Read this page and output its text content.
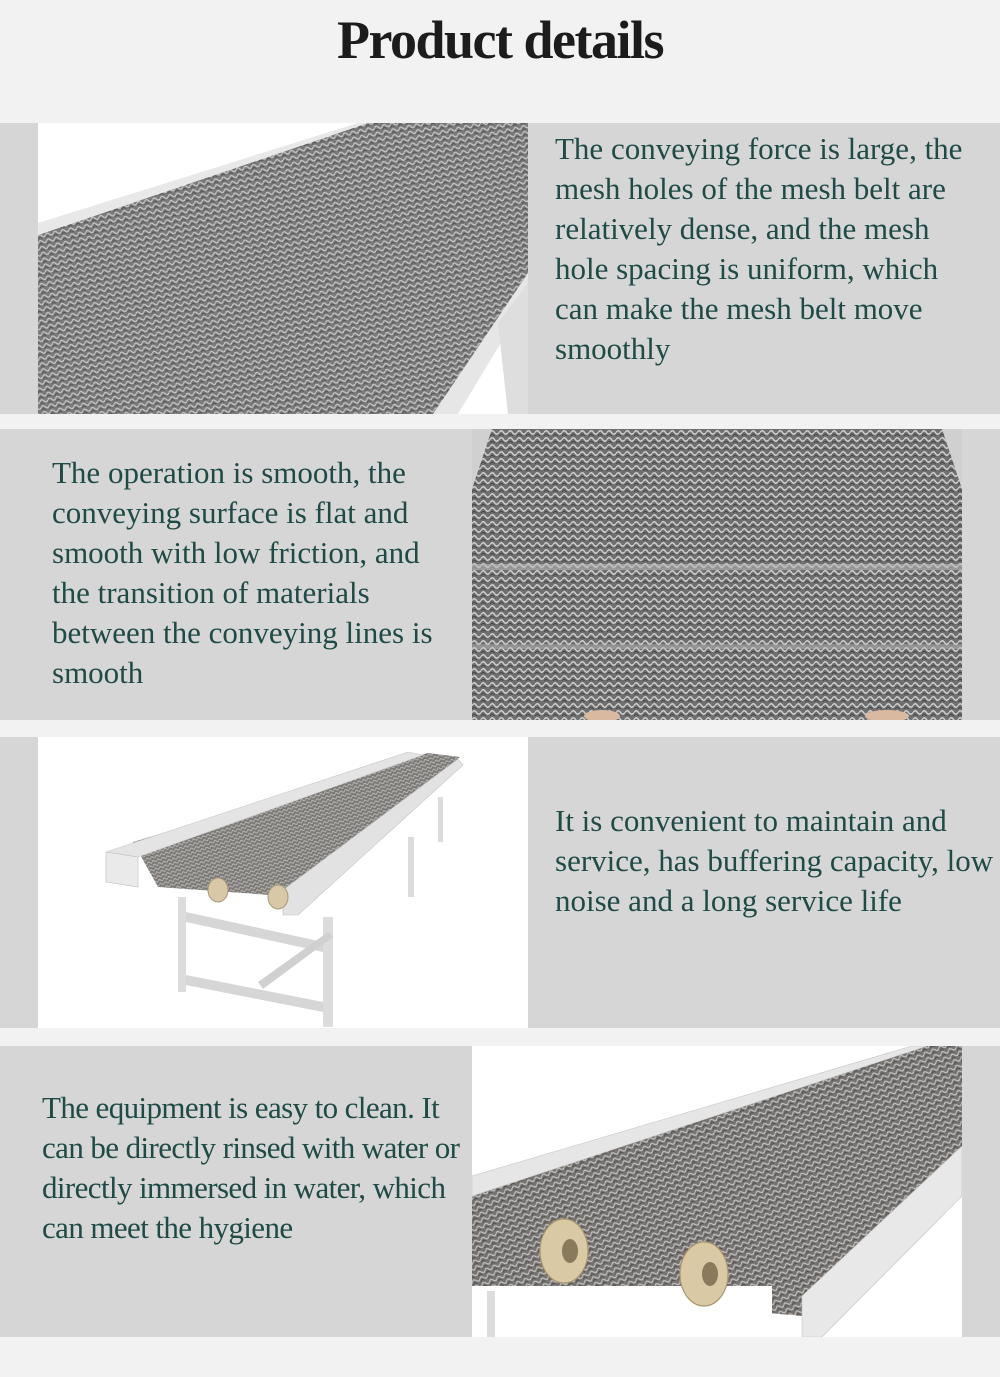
Product details

The conveying force is large, the mesh holes of the mesh belt are relatively dense, and the mesh hole spacing is uniform, which can make the mesh belt move smoothly

The operation is smooth, the conveying surface is flat and smooth with low friction, and the transition of materials between the conveying lines is smooth

It is convenient to maintain and service, has buffering capacity, low noise and a long service life

The equipment is easy to clean. It can be directly rinsed with water or directly immersed in water, which can meet the hygiene
